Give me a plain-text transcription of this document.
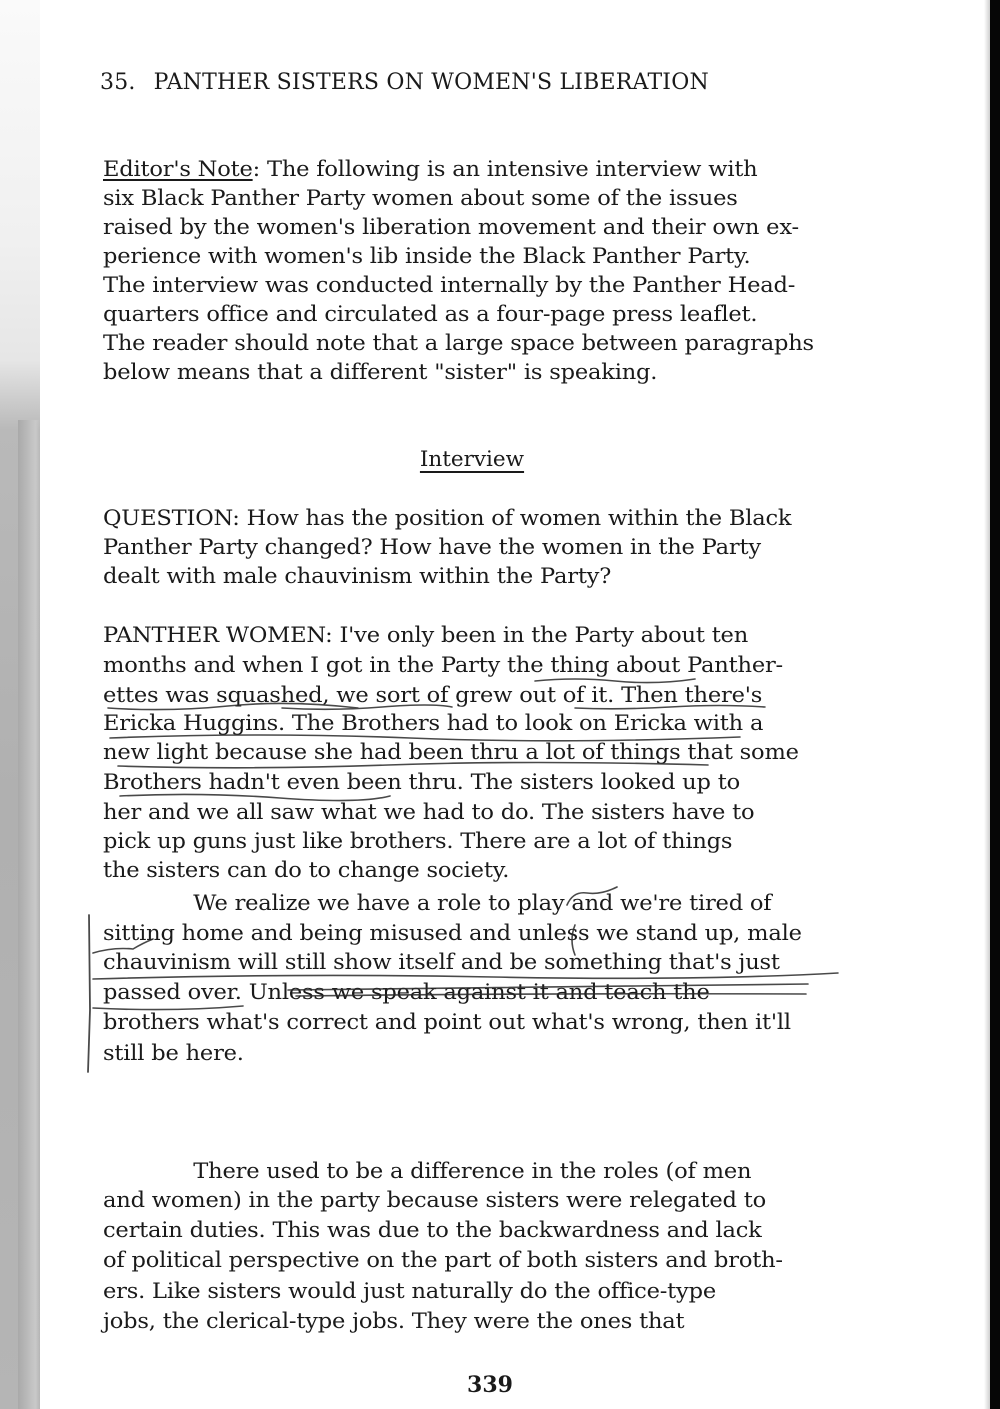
35. PANTHER SISTERS ON WOMEN'S LIBERATION
Editor's Note: The following is an intensive interview with
six Black Panther Party women about some of the issues
raised by the women's liberation movement and their own ex-
perience with women's lib inside the Black Panther Party.
The interview was conducted internally by the Panther Head-
quarters office and circulated as a four-page press leaflet.
The reader should note that a large space between paragraphs
below means that a different "sister" is speaking.
Interview
QUESTION: How has the position of women within the Black
Panther Party changed? How have the women in the Party
dealt with male chauvinism within the Party?
PANTHER WOMEN: I've only been in the Party about ten
months and when I got in the Party the thing about Panther-
ettes was squashed, we sort of grew out of it. Then there's
Ericka Huggins. The Brothers had to look on Ericka with a
new light because she had been thru a lot of things that some
Brothers hadn't even been thru. The sisters looked up to
her and we all saw what we had to do. The sisters have to
pick up guns just like brothers. There are a lot of things
the sisters can do to change society.
We realize we have a role to play and we're tired of
sitting home and being misused and unless we stand up, male
chauvinism will still show itself and be something that's just
passed over. Unless we speak against it and teach the
brothers what's correct and point out what's wrong, then it'll
still be here.
There used to be a difference in the roles (of men
and women) in the party because sisters were relegated to
certain duties. This was due to the backwardness and lack
of political perspective on the part of both sisters and broth-
ers. Like sisters would just naturally do the office-type
jobs, the clerical-type jobs. They were the ones that
339
